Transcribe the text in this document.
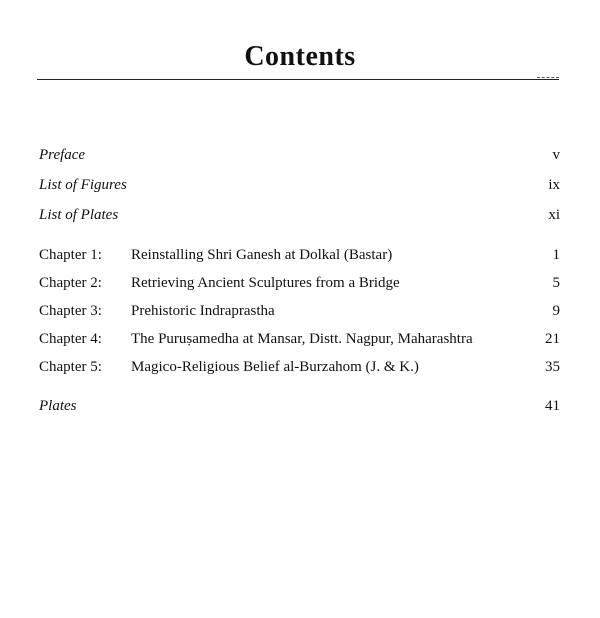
Contents
Preface	v
List of Figures	ix
List of Plates	xi
Chapter 1: Reinstalling Shri Ganesh at Dolkal (Bastar)	1
Chapter 2: Retrieving Ancient Sculptures from a Bridge	5
Chapter 3: Prehistoric Indraprastha	9
Chapter 4: The Puruṣamedha at Mansar, Distt. Nagpur, Maharashtra	21
Chapter 5: Magico-Religious Belief al-Burzahom (J. & K.)	35
Plates	41
